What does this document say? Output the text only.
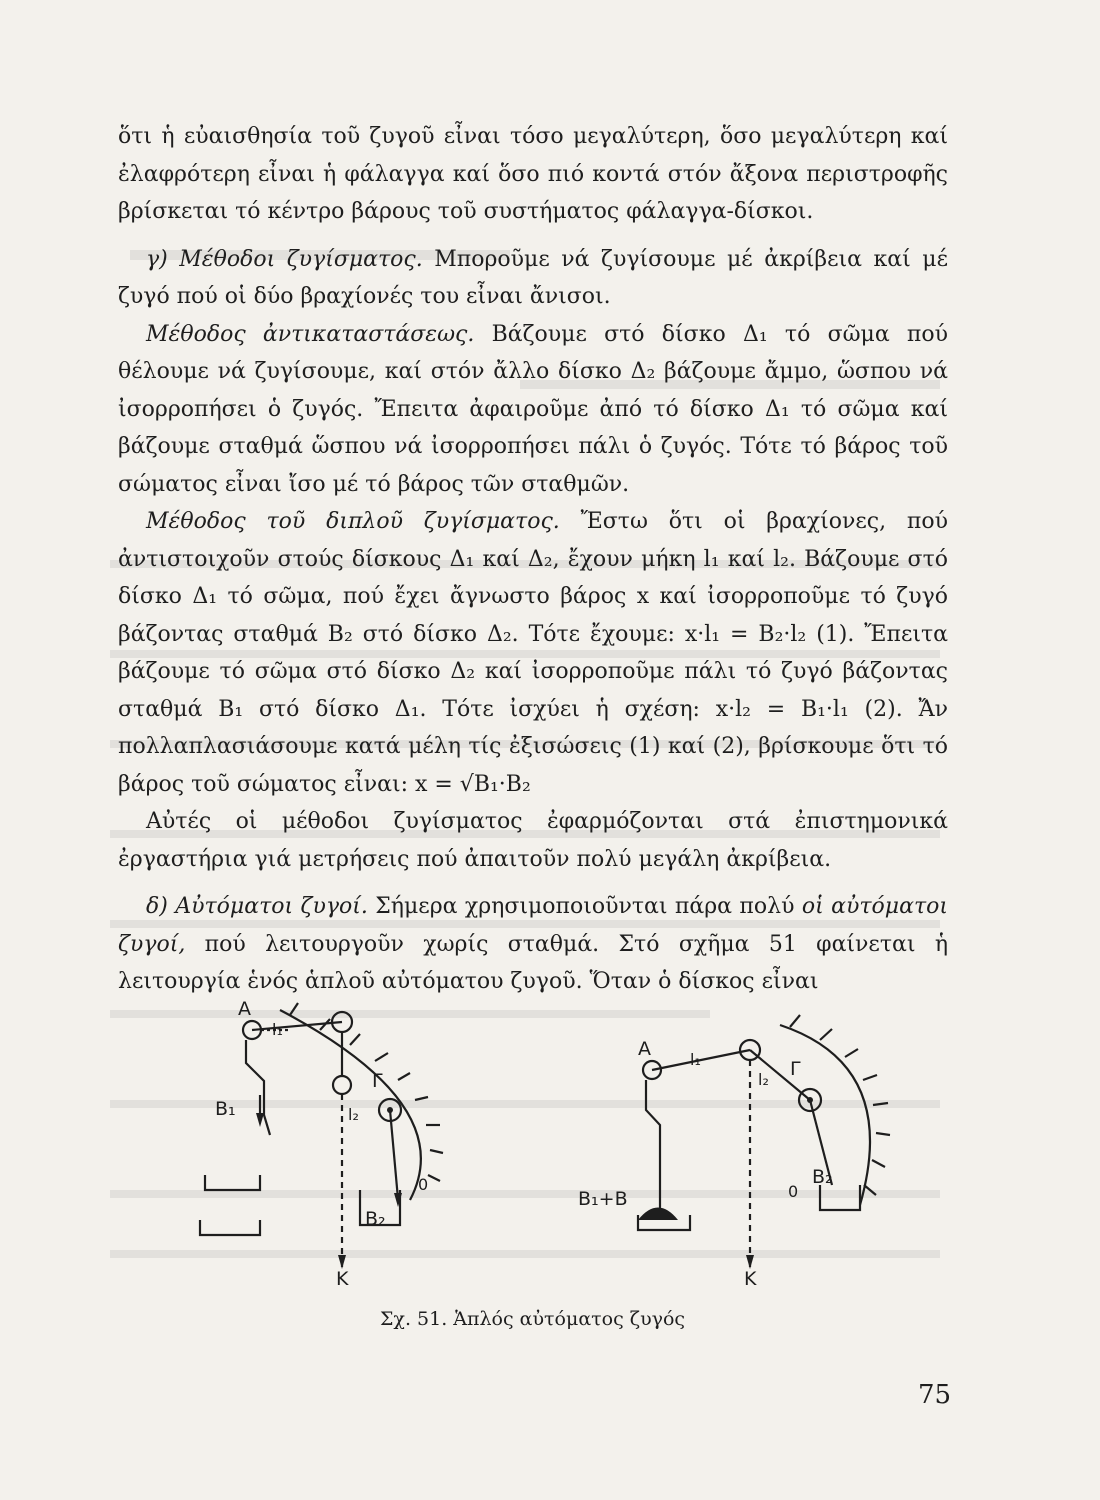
ὅτι ἡ εὐαισθησία τοῦ ζυγοῦ εἶναι τόσο μεγαλύτερη, ὅσο μεγαλύτερη καί ἐλαφρότερη εἶναι ἡ φάλαγγα καί ὅσο πιό κοντά στόν ἄξονα περιστροφῆς βρίσκεται τό κέντρο βάρους τοῦ συστήματος φάλαγγα-δίσκοι.

γ) Μέθοδοι ζυγίσματος. Μποροῦμε νά ζυγίσουμε μέ ἀκρίβεια καί μέ ζυγό πού οἱ δύο βραχίονές του εἶναι ἄνισοι.

Μέθοδος ἀντικαταστάσεως. Βάζουμε στό δίσκο Δ₁ τό σῶμα πού θέλουμε νά ζυγίσουμε, καί στόν ἄλλο δίσκο Δ₂ βάζουμε ἄμμο, ὥσπου νά ἰσορροπήσει ὁ ζυγός. Ἔπειτα ἀφαιροῦμε ἀπό τό δίσκο Δ₁ τό σῶμα καί βάζουμε σταθμά ὥσπου νά ἰσορροπήσει πάλι ὁ ζυγός. Τότε τό βάρος τοῦ σώματος εἶναι ἴσο μέ τό βάρος τῶν σταθμῶν.

Μέθοδος τοῦ διπλοῦ ζυγίσματος. Ἔστω ὅτι οἱ βραχίονες, πού ἀντιστοιχοῦν στούς δίσκους Δ₁ καί Δ₂, ἔχουν μήκη l₁ καί l₂. Βάζουμε στό δίσκο Δ₁ τό σῶμα, πού ἔχει ἄγνωστο βάρος x καί ἰσορροποῦμε τό ζυγό βάζοντας σταθμά B₂ στό δίσκο Δ₂. Τότε ἔχουμε: x·l₁ = B₂·l₂ (1). Ἔπειτα βάζουμε τό σῶμα στό δίσκο Δ₂ καί ἰσορροποῦμε πάλι τό ζυγό βάζοντας σταθμά B₁ στό δίσκο Δ₁. Τότε ἰσχύει ἡ σχέση: x·l₂ = B₁·l₁ (2). Ἄν πολλαπλασιάσουμε κατά μέλη τίς ἐξισώσεις (1) καί (2), βρίσκουμε ὅτι τό βάρος τοῦ σώματος εἶναι: x = √B₁·B₂

Αὐτές οἱ μέθοδοι ζυγίσματος ἐφαρμόζονται στά ἐπιστημονικά ἐργαστήρια γιά μετρήσεις πού ἀπαιτοῦν πολύ μεγάλη ἀκρίβεια.

δ) Αὐτόματοι ζυγοί. Σήμερα χρησιμοποιοῦνται πάρα πολύ οἱ αὐτόματοι ζυγοί, πού λειτουργοῦν χωρίς σταθμά. Στό σχῆμα 51 φαίνεται ἡ λειτουργία ἑνός ἁπλοῦ αὐτόματου ζυγοῦ. Ὅταν ὁ δίσκος εἶναι

A
l₁
B₁	l₂
Γ
0
B₂
K
A l₁
l₂ Γ
B₁+B	0
B₂
K
Σχ. 51. Ἁπλός αὐτόματος ζυγός
75
